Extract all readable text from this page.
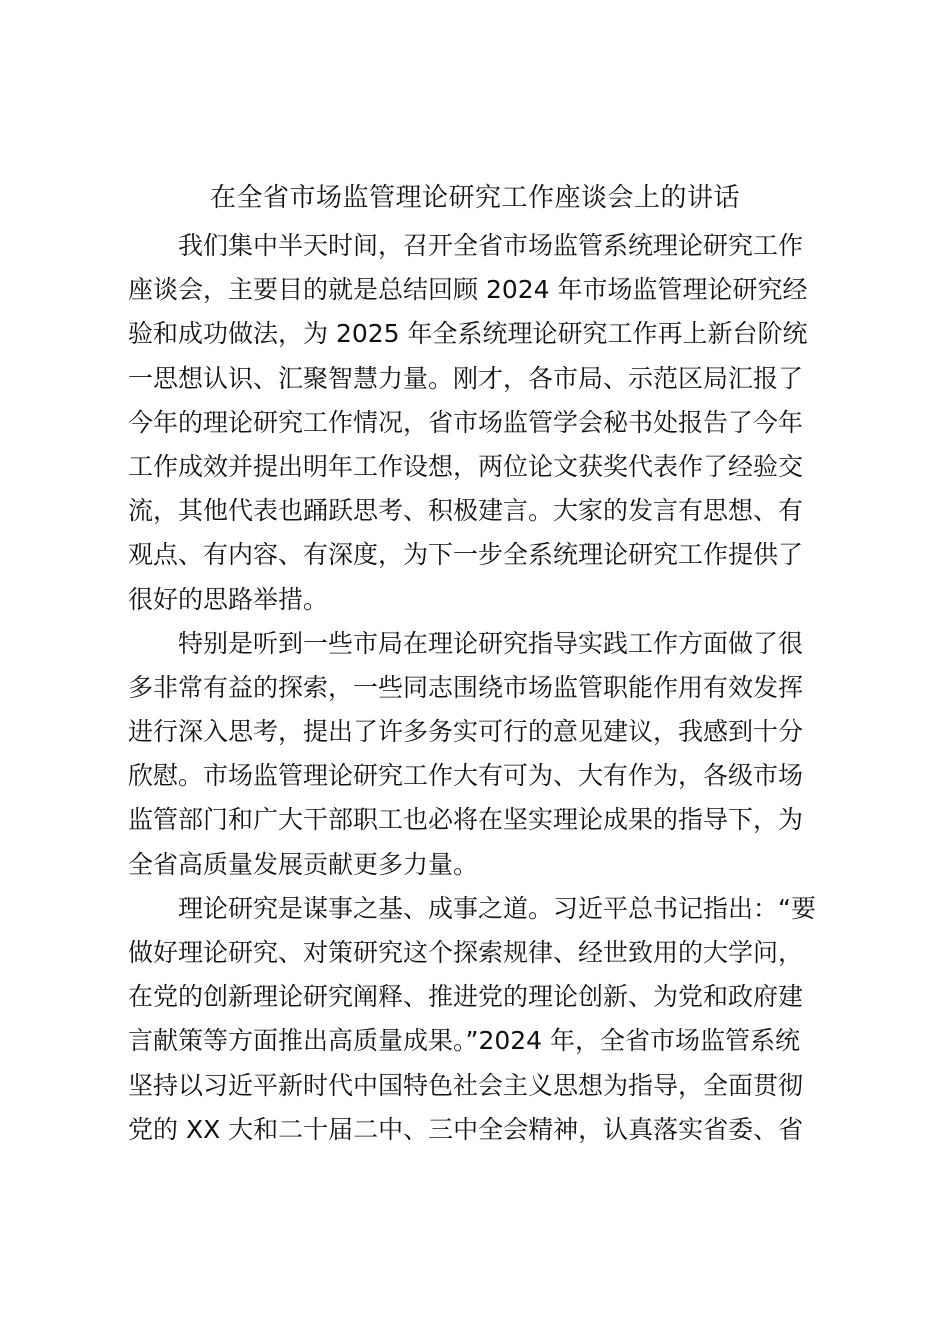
在全省市场监管理论研究工作座谈会上的讲话
我们集中半天时间，召开全省市场监管系统理论研究工作
座谈会，主要目的就是总结回顾 2024 年市场监管理论研究经
验和成功做法，为 2025 年全系统理论研究工作再上新台阶统
一思想认识、汇聚智慧力量。刚才，各市局、示范区局汇报了
今年的理论研究工作情况，省市场监管学会秘书处报告了今年
工作成效并提出明年工作设想，两位论文获奖代表作了经验交
流，其他代表也踊跃思考、积极建言。大家的发言有思想、有
观点、有内容、有深度，为下一步全系统理论研究工作提供了
很好的思路举措。
特别是听到一些市局在理论研究指导实践工作方面做了很
多非常有益的探索，一些同志围绕市场监管职能作用有效发挥
进行深入思考，提出了许多务实可行的意见建议，我感到十分
欣慰。市场监管理论研究工作大有可为、大有作为，各级市场
监管部门和广大干部职工也必将在坚实理论成果的指导下，为
全省高质量发展贡献更多力量。
理论研究是谋事之基、成事之道。习近平总书记指出：“要
做好理论研究、对策研究这个探索规律、经世致用的大学问，
在党的创新理论研究阐释、推进党的理论创新、为党和政府建
言献策等方面推出高质量成果。”2024 年，全省市场监管系统
坚持以习近平新时代中国特色社会主义思想为指导，全面贯彻
党的 XX 大和二十届二中、三中全会精神，认真落实省委、省
